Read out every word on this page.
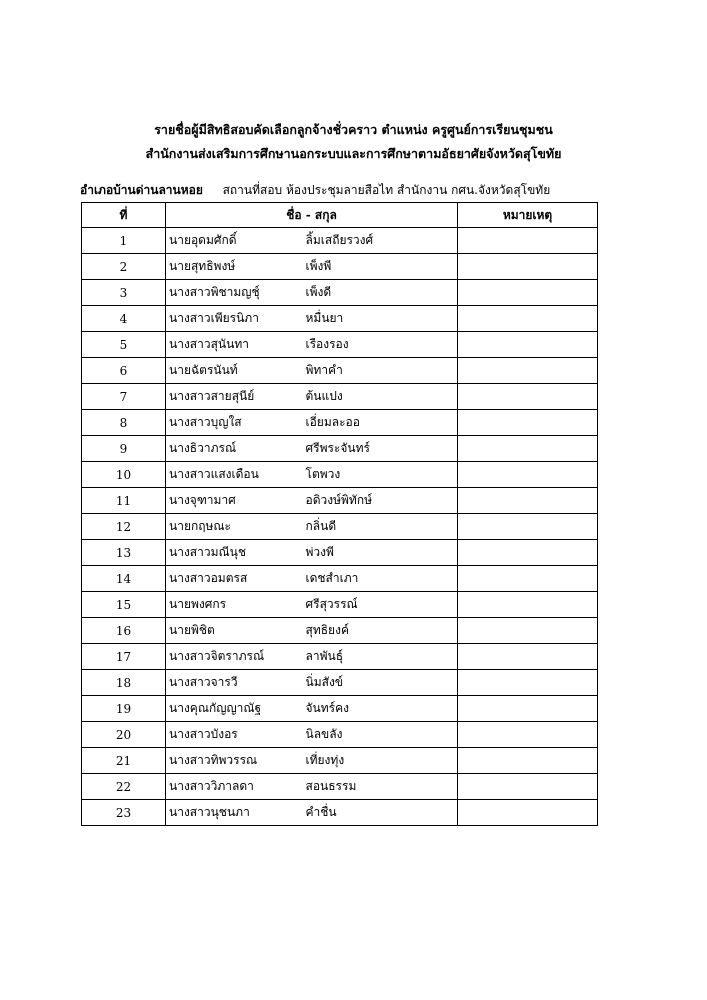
รายชื่อผู้มีสิทธิสอบคัดเลือกลูกจ้างชั่วคราว ตำแหน่ง ครูศูนย์การเรียนชุมชน
สำนักงานส่งเสริมการศึกษานอกระบบและการศึกษาตามอัธยาศัยจังหวัดสุโขทัย
อำเภอบ้านด่านลานหอย สถานที่สอบ ห้องประชุมลายสือไท สำนักงาน กศน.จังหวัดสุโขทัย
ที่	ชื่อ - สกุล		หมายเหตุ
1	นายอุดมศักดิ์	ลิ้มเสถียรวงศ์	
2	นายสุทธิพงษ์	เพ็งพี	
3	นางสาวพิชามญชุ์	เพ็งดี	
4	นางสาวเพียรนิภา	หมื่นยา	
5	นางสาวสุนันทา	เรืองรอง	
6	นายฉัตรนันท์	พิทาคำ	
7	นางสาวสายสุนีย์	ต้นแปง	
8	นางสาวบุญใส	เอี่ยมละออ	
9	นางธิวาภรณ์	ศรีพระจันทร์	
10	นางสาวแสงเดือน	โตพวง	
11	นางจุฑามาศ	อดิวงษ์พิทักษ์	
12	นายกฤษณะ	กลิ่นดี	
13	นางสาวมณีนุช	พ่วงพี	
14	นางสาวอมตรส	เดชสำเภา	
15	นายพงศกร	ศรีสุวรรณ์	
16	นายพิชิต	สุทธิยงค์	
17	นางสาวจิตราภรณ์	ลาพันธุ์	
18	นางสาวจารวี	นิ่มสังข์	
19	นางคุณกัญญาณัฐ	จันทร์คง	
20	นางสาวบังอร	นิลขลัง	
21	นางสาวทิพวรรณ	เที่ยงทุ่ง	
22	นางสาววิภาลดา	สอนธรรม	
23	นางสาวนุชนภา	คำชื่น	
